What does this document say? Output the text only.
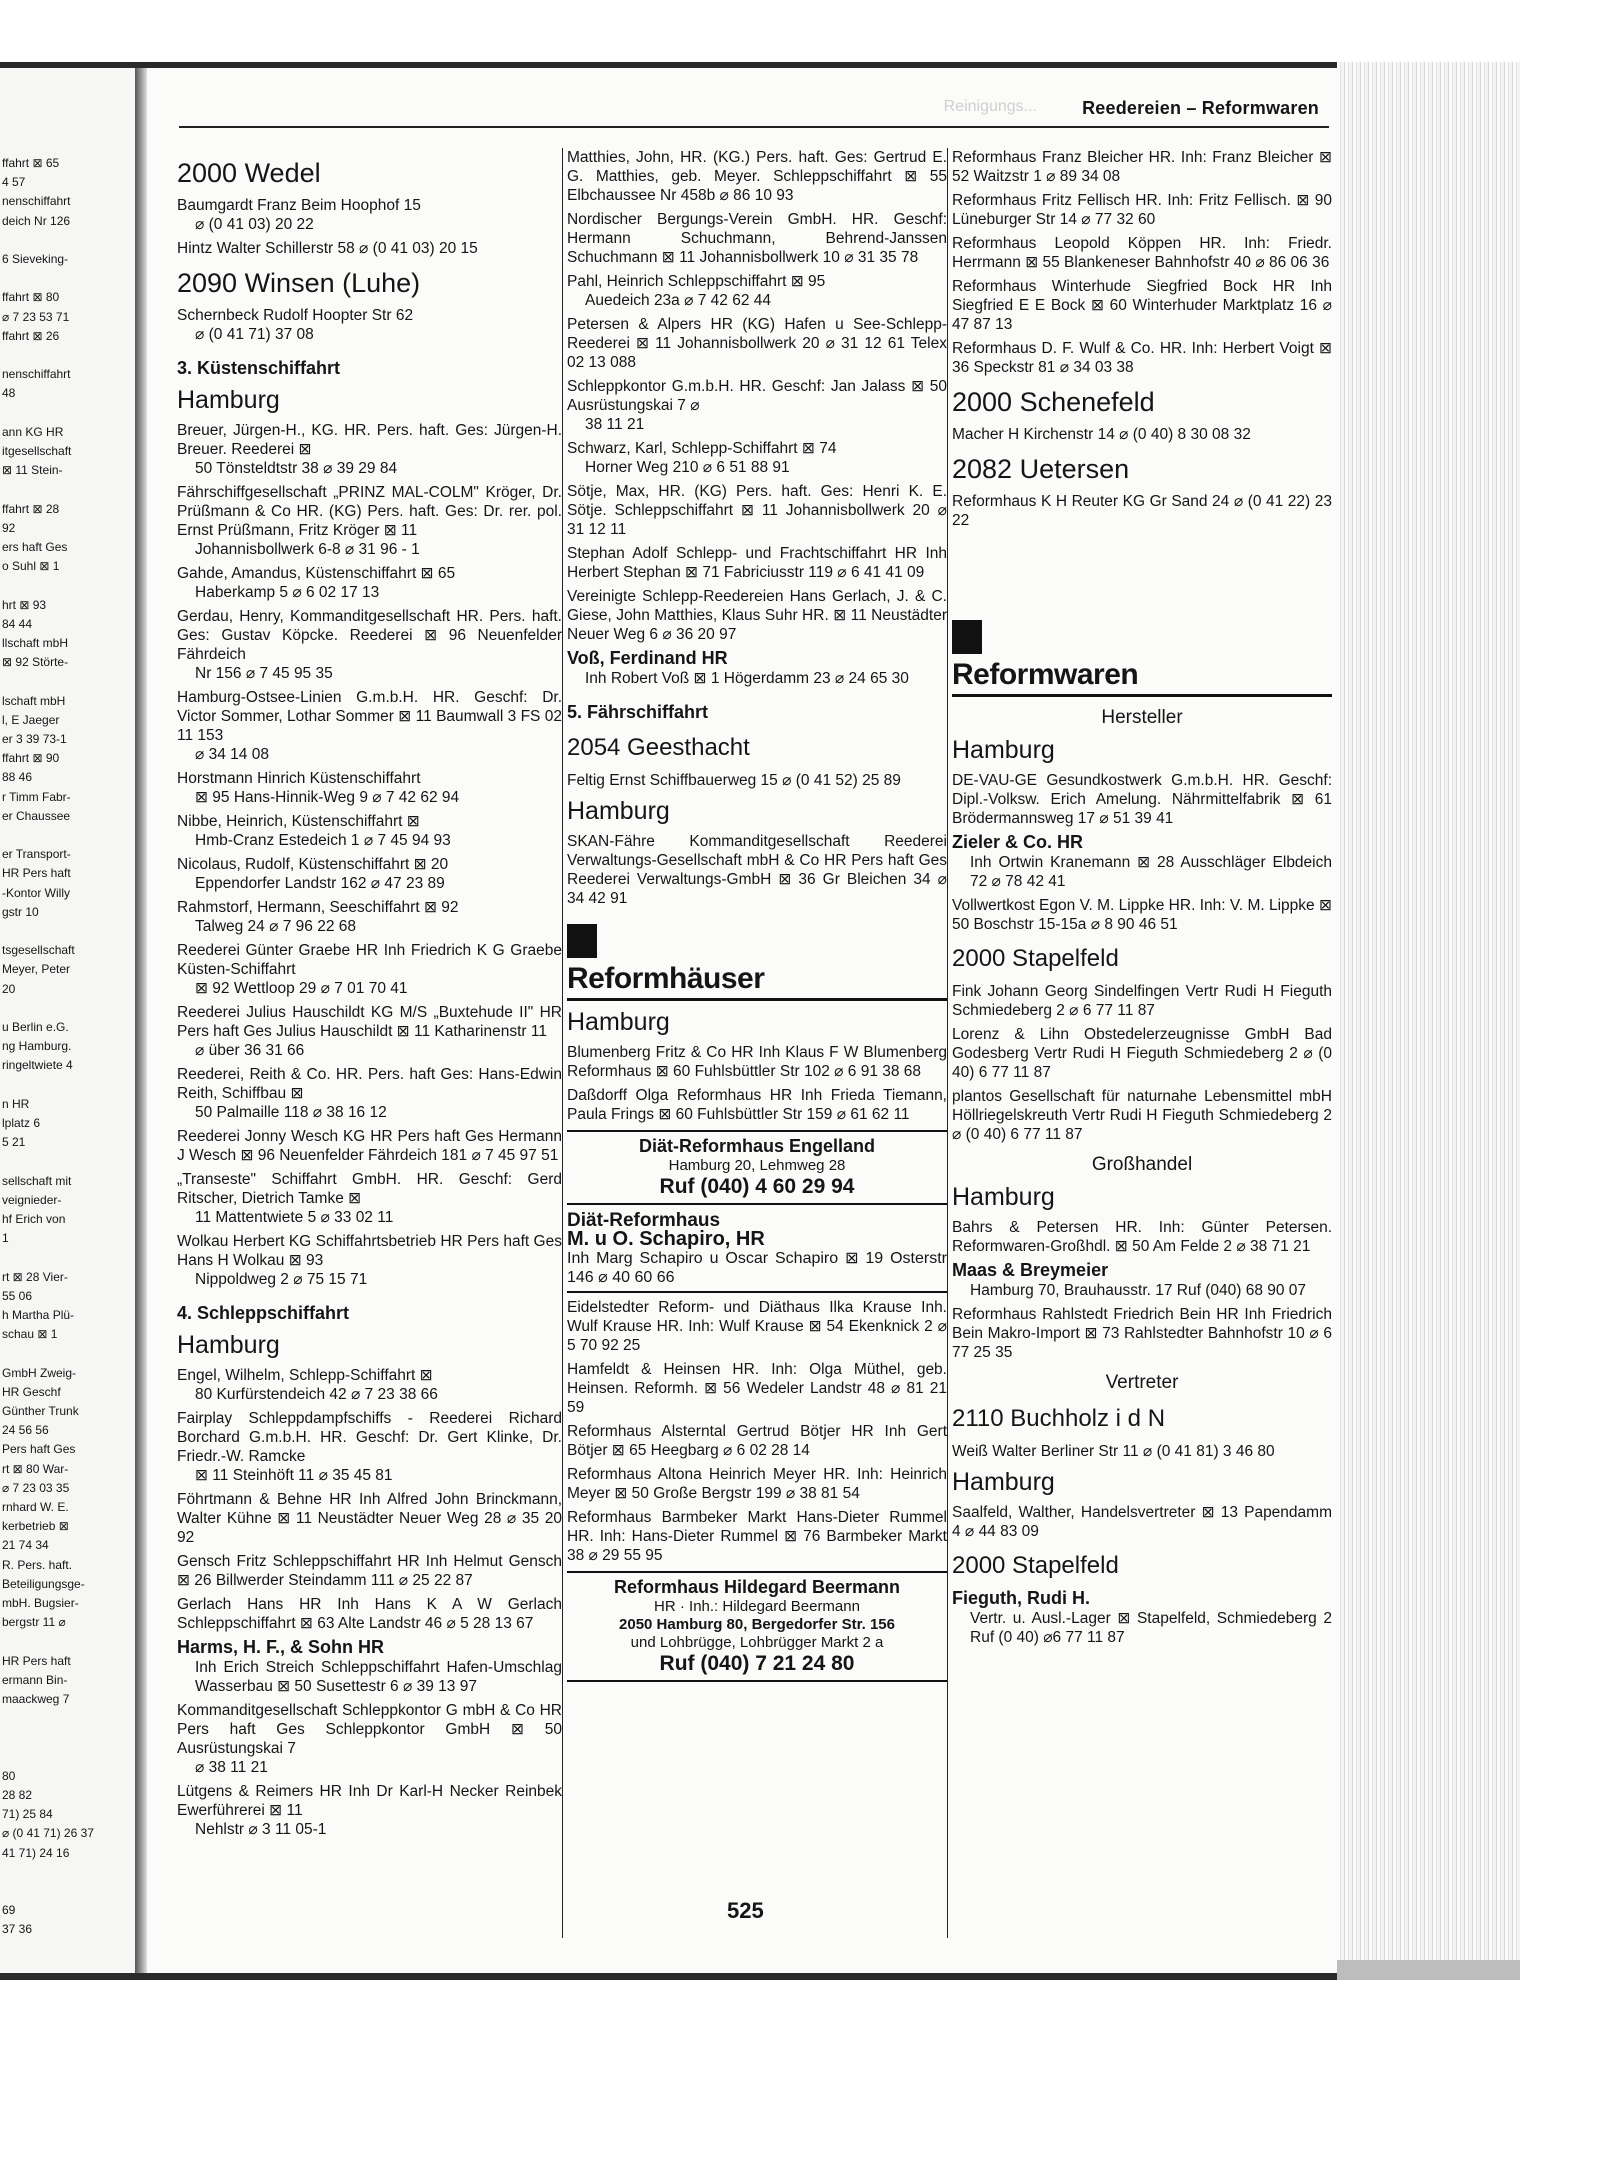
ffahrt ⊠ 65
4 57
nenschiffahrt
deich Nr 126
6 Sieveking-
ffahrt ⊠ 80
⌀ 7 23 53 71
ffahrt ⊠ 26
nenschiffahrt
48
ann KG HR
itgesellschaft
⊠ 11 Stein-
ffahrt ⊠ 28
92
ers haft Ges
o Suhl ⊠ 1
hrt ⊠ 93
84 44
llschaft mbH
⊠ 92 Störte-
lschaft mbH
l, E Jaeger
er 3 39 73-1
ffahrt ⊠ 90
88 46
r Timm Fabr-
er Chaussee
er Transport-
HR Pers haft
-Kontor Willy
gstr 10
tsgesellschaft
Meyer, Peter
20
u Berlin e.G.
ng Hamburg.
ringeltwiete 4
n HR
lplatz 6
5 21
sellschaft mit
veignieder-
hf Erich von
1
rt ⊠ 28 Vier-
55 06
h Martha Plü-
schau ⊠ 1
GmbH Zweig-
HR Geschf
Günther Trunk
24 56 56
Pers haft Ges
rt ⊠ 80 War-
⌀ 7 23 03 35
rnhard W. E.
kerbetrieb ⊠
21 74 34
R. Pers. haft.
Beteiligungsge-
mbH. Bugsier-
bergstr 11 ⌀
HR Pers haft
ermann Bin-
maackweg 7
80
28 82
71) 25 84
⌀ (0 41 71) 26 37
41 71) 24 16
69
37 36
Reinigungs...	Reedereien – Reformwaren
2000 Wedel
Baumgardt Franz Beim Hoophof 15
⌀ (0 41 03) 20 22
Hintz Walter Schillerstr 58 ⌀ (0 41 03) 20 15
2090 Winsen (Luhe)
Schernbeck Rudolf Hoopter Str 62
⌀ (0 41 71) 37 08
3. Küstenschiffahrt
Hamburg
Breuer, Jürgen-H., KG. HR. Pers. haft. Ges: Jürgen-H. Breuer. Reederei ⊠
50 Tönsteldtstr 38 ⌀ 39 29 84
Fährschiffgesellschaft „PRINZ MAL-COLM" Kröger, Dr. Prüßmann & Co HR. (KG) Pers. haft. Ges: Dr. rer. pol. Ernst Prüßmann, Fritz Kröger ⊠ 11
Johannisbollwerk 6-8 ⌀ 31 96 - 1
Gahde, Amandus, Küstenschiffahrt ⊠ 65
Haberkamp 5 ⌀ 6 02 17 13
Gerdau, Henry, Kommanditgesellschaft HR. Pers. haft. Ges: Gustav Köpcke. Reederei ⊠ 96 Neuenfelder Fährdeich
Nr 156 ⌀ 7 45 95 35
Hamburg-Ostsee-Linien G.m.b.H. HR. Geschf: Dr. Victor Sommer, Lothar Sommer ⊠ 11 Baumwall 3 FS 02 11 153
⌀ 34 14 08
Horstmann Hinrich Küstenschiffahrt
⊠ 95 Hans-Hinnik-Weg 9 ⌀ 7 42 62 94
Nibbe, Heinrich, Küstenschiffahrt ⊠
Hmb-Cranz Estedeich 1 ⌀ 7 45 94 93
Nicolaus, Rudolf, Küstenschiffahrt ⊠ 20
Eppendorfer Landstr 162 ⌀ 47 23 89
Rahmstorf, Hermann, Seeschiffahrt ⊠ 92
Talweg 24 ⌀ 7 96 22 68
Reederei Günter Graebe HR Inh Friedrich K G Graebe Küsten-Schiffahrt
⊠ 92 Wettloop 29 ⌀ 7 01 70 41
Reederei Julius Hauschildt KG M/S „Buxtehude II" HR Pers haft Ges Julius Hauschildt ⊠ 11 Katharinenstr 11
⌀ über 36 31 66
Reederei, Reith & Co. HR. Pers. haft Ges: Hans-Edwin Reith, Schiffbau ⊠
50 Palmaille 118 ⌀ 38 16 12
Reederei Jonny Wesch KG HR Pers haft Ges Hermann J Wesch ⊠ 96 Neuenfelder Fährdeich 181 ⌀ 7 45 97 51
„Transeste" Schiffahrt GmbH. HR. Geschf: Gerd Ritscher, Dietrich Tamke ⊠
11 Mattentwiete 5 ⌀ 33 02 11
Wolkau Herbert KG Schiffahrtsbetrieb HR Pers haft Ges Hans H Wolkau ⊠ 93
Nippoldweg 2 ⌀ 75 15 71
4. Schleppschiffahrt
Hamburg
Engel, Wilhelm, Schlepp-Schiffahrt ⊠
80 Kurfürstendeich 42 ⌀ 7 23 38 66
Fairplay Schleppdampfschiffs - Reederei Richard Borchard G.m.b.H. HR. Geschf: Dr. Gert Klinke, Dr. Friedr.-W. Ramcke
⊠ 11 Steinhöft 11 ⌀ 35 45 81
Föhrtmann & Behne HR Inh Alfred John Brinckmann, Walter Kühne ⊠ 11 Neustädter Neuer Weg 28 ⌀ 35 20 92
Gensch Fritz Schleppschiffahrt HR Inh Helmut Gensch ⊠ 26 Billwerder Steindamm 111 ⌀ 25 22 87
Gerlach Hans HR Inh Hans K A W Gerlach Schleppschiffahrt ⊠ 63 Alte Landstr 46 ⌀ 5 28 13 67
Harms, H. F., & Sohn HR

Inh Erich Streich Schleppschiffahrt Hafen-Umschlag Wasserbau ⊠ 50 Susettestr 6 ⌀ 39 13 97
Kommanditgesellschaft Schleppkontor G mbH & Co HR Pers haft Ges Schleppkontor GmbH ⊠ 50 Ausrüstungskai 7
⌀ 38 11 21
Lütgens & Reimers HR Inh Dr Karl-H Necker Reinbek Ewerführerei ⊠ 11
Nehlstr ⌀ 3 11 05-1
Matthies, John, HR. (KG.) Pers. haft. Ges: Gertrud E. G. Matthies, geb. Meyer. Schleppschiffahrt ⊠ 55 Elbchaussee Nr 458b ⌀ 86 10 93
Nordischer Bergungs-Verein GmbH. HR. Geschf: Hermann Schuchmann, Behrend-Janssen Schuchmann ⊠ 11 Johannisbollwerk 10 ⌀ 31 35 78
Pahl, Heinrich Schleppschiffahrt ⊠ 95
Auedeich 23a ⌀ 7 42 62 44
Petersen & Alpers HR (KG) Hafen u See-Schlepp-Reederei ⊠ 11 Johannisbollwerk 20 ⌀ 31 12 61 Telex 02 13 088
Schleppkontor G.m.b.H. HR. Geschf: Jan Jalass ⊠ 50 Ausrüstungskai 7 ⌀
38 11 21
Schwarz, Karl, Schlepp-Schiffahrt ⊠ 74
Horner Weg 210 ⌀ 6 51 88 91
Sötje, Max, HR. (KG) Pers. haft. Ges: Henri K. E. Sötje. Schleppschiffahrt ⊠ 11 Johannisbollwerk 20 ⌀ 31 12 11
Stephan Adolf Schlepp- und Frachtschiffahrt HR Inh Herbert Stephan ⊠ 71 Fabriciusstr 119 ⌀ 6 41 41 09
Vereinigte Schlepp-Reedereien Hans Gerlach, J. & C. Giese, John Matthies, Klaus Suhr HR. ⊠ 11 Neustädter Neuer Weg 6 ⌀ 36 20 97
Voß, Ferdinand HR

Inh Robert Voß ⊠ 1 Högerdamm 23 ⌀ 24 65 30
5. Fährschiffahrt
2054 Geesthacht
Feltig Ernst Schiffbauerweg 15 ⌀ (0 41 52) 25 89
Hamburg
SKAN-Fähre Kommanditgesellschaft Reederei Verwaltungs-Gesellschaft mbH & Co HR Pers haft Ges Reederei Verwaltungs-GmbH ⊠ 36 Gr Bleichen 34 ⌀ 34 42 91
Reformhäuser
Hamburg
Blumenberg Fritz & Co HR Inh Klaus F W Blumenberg Reformhaus ⊠ 60 Fuhlsbüttler Str 102 ⌀ 6 91 38 68
Daßdorff Olga Reformhaus HR Inh Frieda Tiemann, Paula Frings ⊠ 60 Fuhlsbüttler Str 159 ⌀ 61 62 11
Diät-Reformhaus Engelland
Hamburg 20, Lehmweg 28
Ruf (040) 4 60 29 94
Diät-Reformhaus
M. u O. Schapiro, HR
Inh Marg Schapiro u Oscar Schapiro ⊠ 19 Osterstr 146 ⌀ 40 60 66
Eidelstedter Reform- und Diäthaus Ilka Krause Inh. Wulf Krause HR. Inh: Wulf Krause ⊠ 54 Ekenknick 2 ⌀ 5 70 92 25
Hamfeldt & Heinsen HR. Inh: Olga Müthel, geb. Heinsen. Reformh. ⊠ 56 Wedeler Landstr 48 ⌀ 81 21 59
Reformhaus Alsterntal Gertrud Bötjer HR Inh Gert Bötjer ⊠ 65 Heegbarg ⌀ 6 02 28 14
Reformhaus Altona Heinrich Meyer HR. Inh: Heinrich Meyer ⊠ 50 Große Bergstr 199 ⌀ 38 81 54
Reformhaus Barmbeker Markt Hans-Dieter Rummel HR. Inh: Hans-Dieter Rummel ⊠ 76 Barmbeker Markt 38 ⌀ 29 55 95
Reformhaus Hildegard Beermann
HR · Inh.: Hildegard Beermann
2050 Hamburg 80, Bergedorfer Str. 156
und Lohbrügge, Lohbrügger Markt 2 a
Ruf (040) 7 21 24 80
Reformhaus Franz Bleicher HR. Inh: Franz Bleicher ⊠ 52 Waitzstr 1 ⌀ 89 34 08
Reformhaus Fritz Fellisch HR. Inh: Fritz Fellisch. ⊠ 90 Lüneburger Str 14 ⌀ 77 32 60
Reformhaus Leopold Köppen HR. Inh: Friedr. Herrmann ⊠ 55 Blankeneser Bahnhofstr 40 ⌀ 86 06 36
Reformhaus Winterhude Siegfried Bock HR Inh Siegfried E E Bock ⊠ 60 Winterhuder Marktplatz 16 ⌀ 47 87 13
Reformhaus D. F. Wulf & Co. HR. Inh: Herbert Voigt ⊠ 36 Speckstr 81 ⌀ 34 03 38
2000 Schenefeld
Macher H Kirchenstr 14 ⌀ (0 40) 8 30 08 32
2082 Uetersen
Reformhaus K H Reuter KG Gr Sand 24 ⌀ (0 41 22) 23 22
Reformwaren
Hersteller
Hamburg
DE-VAU-GE Gesundkostwerk G.m.b.H. HR. Geschf: Dipl.-Volksw. Erich Amelung. Nährmittelfabrik ⊠ 61 Brödermannsweg 17 ⌀ 51 39 41
Zieler & Co. HR

Inh Ortwin Kranemann ⊠ 28 Ausschläger Elbdeich 72 ⌀ 78 42 41
Vollwertkost Egon V. M. Lippke HR. Inh: V. M. Lippke ⊠ 50 Boschstr 15-15a ⌀ 8 90 46 51
2000 Stapelfeld
Fink Johann Georg Sindelfingen Vertr Rudi H Fieguth Schmiedeberg 2 ⌀ 6 77 11 87
Lorenz & Lihn Obstedelerzeugnisse GmbH Bad Godesberg Vertr Rudi H Fieguth Schmiedeberg 2 ⌀ (0 40) 6 77 11 87
plantos Gesellschaft für naturnahe Lebensmittel mbH Höllriegelskreuth Vertr Rudi H Fieguth Schmiedeberg 2 ⌀ (0 40) 6 77 11 87
Großhandel
Hamburg
Bahrs & Petersen HR. Inh: Günter Petersen. Reformwaren-Großhdl. ⊠ 50 Am Felde 2 ⌀ 38 71 21
Maas & Breymeier

Hamburg 70, Brauhausstr. 17 Ruf (040) 68 90 07
Reformhaus Rahlstedt Friedrich Bein HR Inh Friedrich Bein Makro-Import ⊠ 73 Rahlstedter Bahnhofstr 10 ⌀ 6 77 25 35
Vertreter
2110 Buchholz i d N
Weiß Walter Berliner Str 11 ⌀ (0 41 81) 3 46 80
Hamburg
Saalfeld, Walther, Handelsvertreter ⊠ 13 Papendamm 4 ⌀ 44 83 09
2000 Stapelfeld
Fieguth, Rudi H.

Vertr. u. Ausl.-Lager ⊠ Stapelfeld, Schmiedeberg 2 Ruf (0 40) ⌀6 77 11 87
525
